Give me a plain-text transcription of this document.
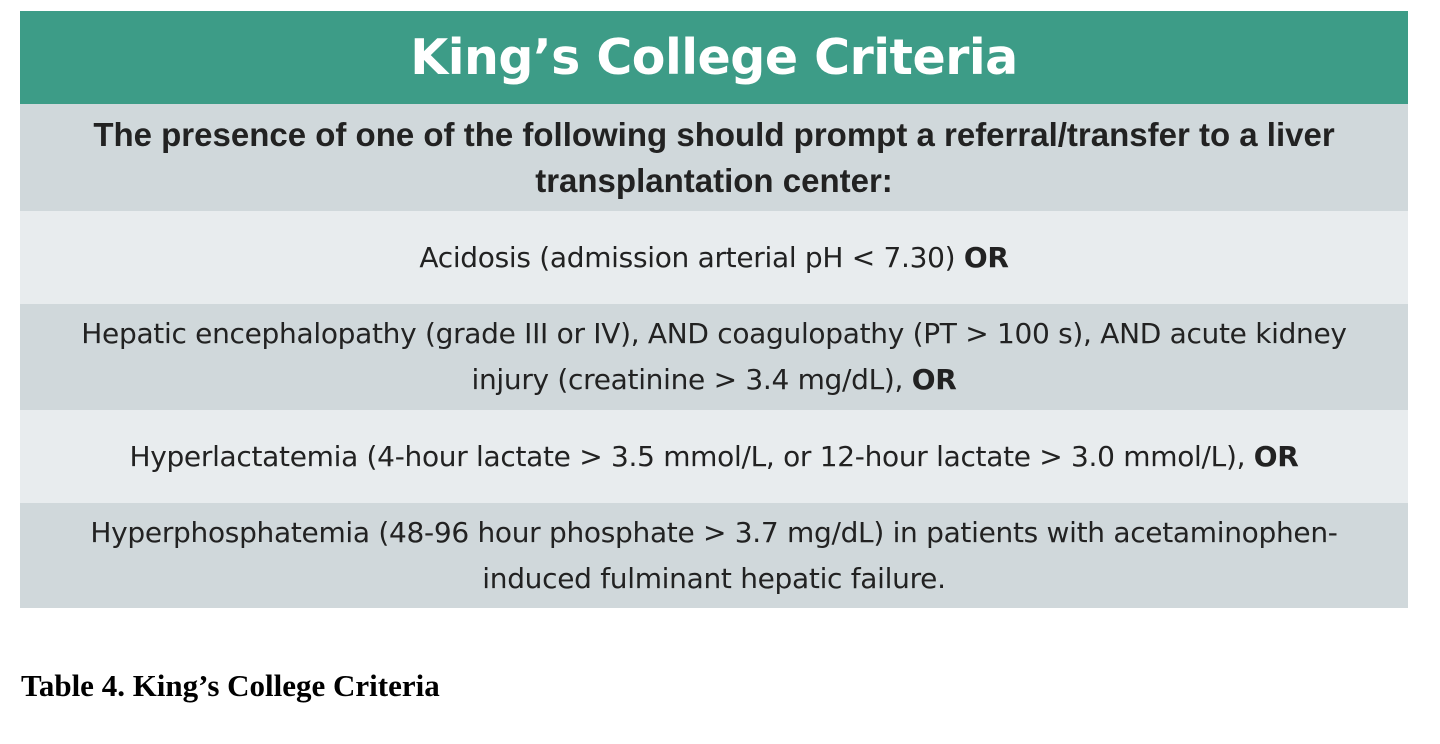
King’s College Criteria
The presence of one of the following should prompt a referral/transfer to a liver transplantation center:
Acidosis (admission arterial pH < 7.30) OR
Hepatic encephalopathy (grade III or IV), AND coagulopathy (PT > 100 s), AND acute kidney injury (creatinine > 3.4 mg/dL), OR
Hyperlactatemia (4-hour lactate > 3.5 mmol/L, or 12-hour lactate > 3.0 mmol/L), OR
Hyperphosphatemia (48-96 hour phosphate > 3.7 mg/dL) in patients with acetaminophen-induced fulminant hepatic failure.
Table 4. King’s College Criteria
